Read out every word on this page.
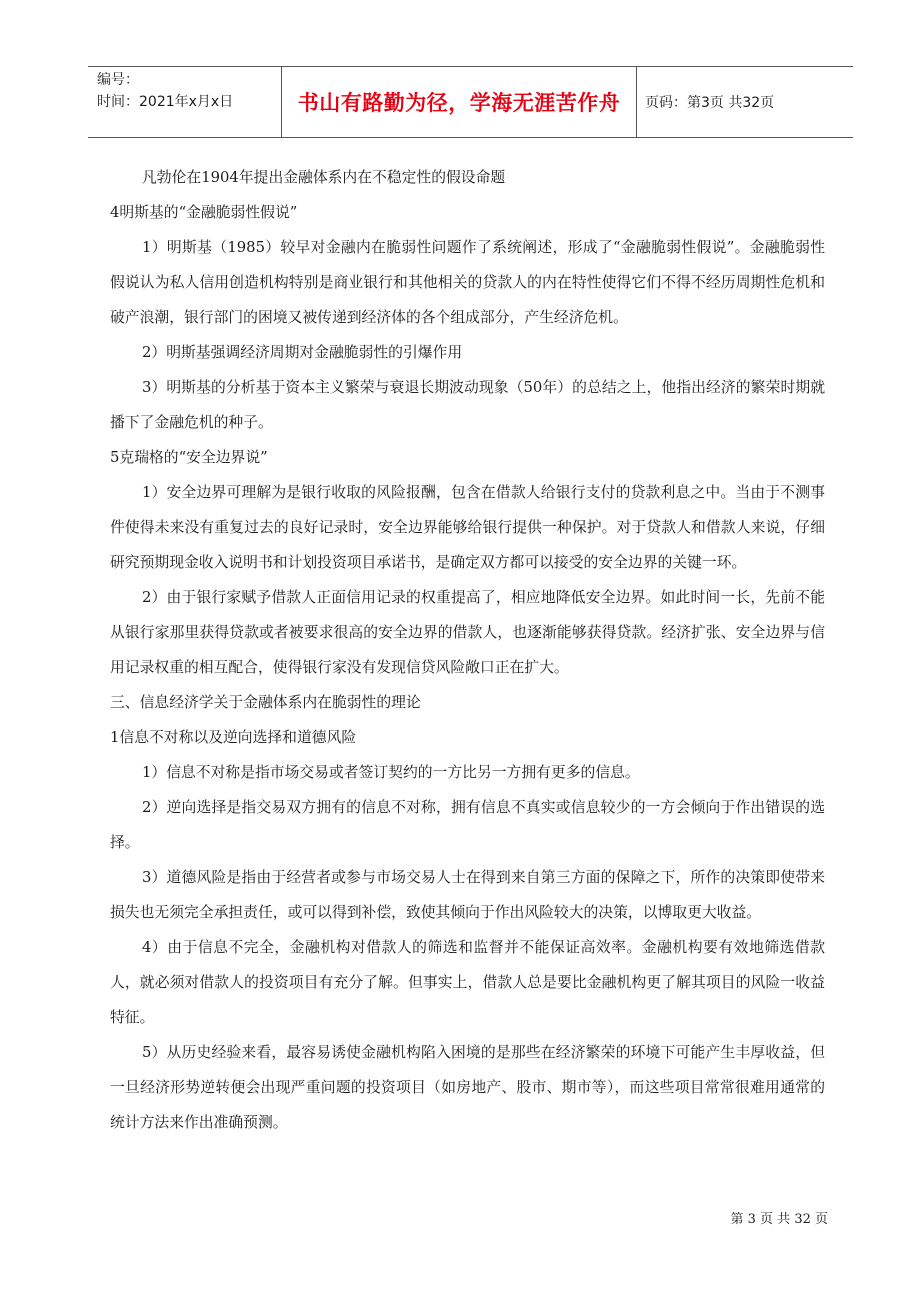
编号：
时间：2021年x月x日	书山有路勤为径，学海无涯苦作舟	页码：第3页 共32页

凡勃伦在1904年提出金融体系内在不稳定性的假设命题

4明斯基的“金融脆弱性假说”

1）明斯基（1985）较早对金融内在脆弱性问题作了系统阐述，形成了“金融脆弱性假说”。金融脆弱性假说认为私人信用创造机构特别是商业银行和其他相关的贷款人的内在特性使得它们不得不经历周期性危机和破产浪潮，银行部门的困境又被传递到经济体的各个组成部分，产生经济危机。

2）明斯基强调经济周期对金融脆弱性的引爆作用

3）明斯基的分析基于资本主义繁荣与衰退长期波动现象（50年）的总结之上，他指出经济的繁荣时期就播下了金融危机的种子。

5克瑞格的“安全边界说”

1）安全边界可理解为是银行收取的风险报酬，包含在借款人给银行支付的贷款利息之中。当由于不测事件使得未来没有重复过去的良好记录时，安全边界能够给银行提供一种保护。对于贷款人和借款人来说，仔细研究预期现金收入说明书和计划投资项目承诺书，是确定双方都可以接受的安全边界的关键一环。

2）由于银行家赋予借款人正面信用记录的权重提高了，相应地降低安全边界。如此时间一长，先前不能从银行家那里获得贷款或者被要求很高的安全边界的借款人，也逐渐能够获得贷款。经济扩张、安全边界与信用记录权重的相互配合，使得银行家没有发现信贷风险敞口正在扩大。

三、信息经济学关于金融体系内在脆弱性的理论

1信息不对称以及逆向选择和道德风险

1）信息不对称是指市场交易或者签订契约的一方比另一方拥有更多的信息。

2）逆向选择是指交易双方拥有的信息不对称，拥有信息不真实或信息较少的一方会倾向于作出错误的选择。

3）道德风险是指由于经营者或参与市场交易人士在得到来自第三方面的保障之下，所作的决策即使带来损失也无须完全承担责任，或可以得到补偿，致使其倾向于作出风险较大的决策，以博取更大收益。

4）由于信息不完全，金融机构对借款人的筛选和监督并不能保证高效率。金融机构要有效地筛选借款人，就必须对借款人的投资项目有充分了解。但事实上，借款人总是要比金融机构更了解其项目的风险一收益特征。

5）从历史经验来看，最容易诱使金融机构陷入困境的是那些在经济繁荣的环境下可能产生丰厚收益，但一旦经济形势逆转便会出现严重问题的投资项目（如房地产、股市、期市等），而这些项目常常很难用通常的统计方法来作出准确预测。

第 3 页 共 32 页
